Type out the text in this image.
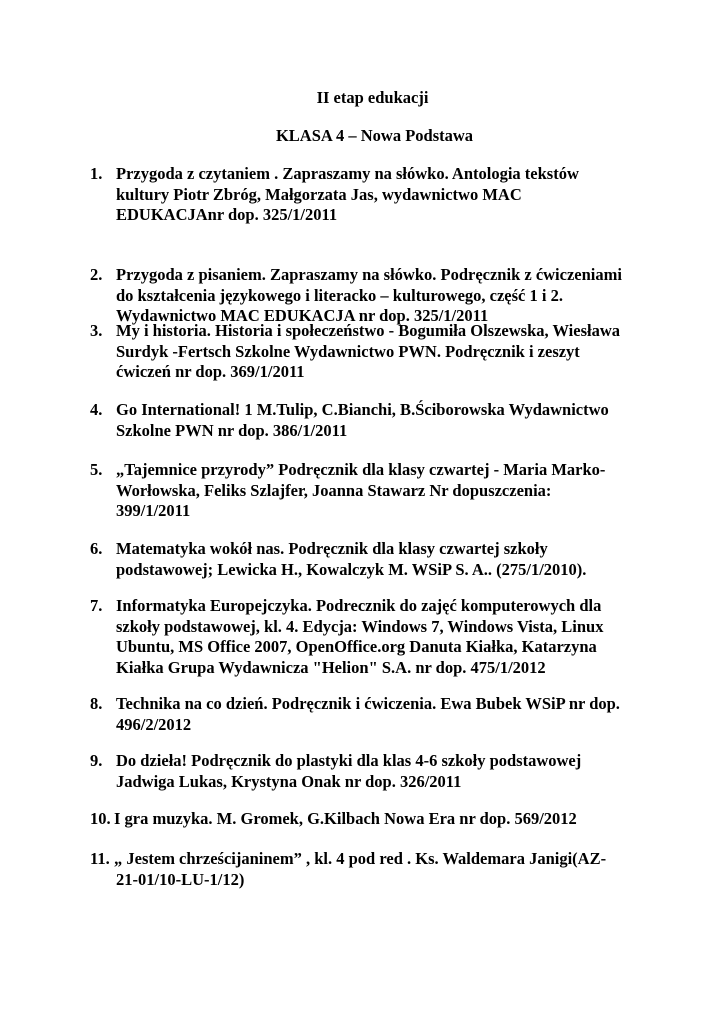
II etap edukacji

KLASA 4 – Nowa Podstawa

1. Przygoda z czytaniem . Zapraszamy na słówko. Antologia tekstów
kultury Piotr Zbróg, Małgorzata Jas, wydawnictwo MAC
EDUKACJAnr dop. 325/1/2011
2. Przygoda z pisaniem. Zapraszamy na słówko. Podręcznik z ćwiczeniami
do kształcenia językowego i literacko – kulturowego, część 1 i 2.
Wydawnictwo MAC EDUKACJA nr dop. 325/1/2011
3. My i historia. Historia i społeczeństwo - Bogumiła Olszewska, Wiesława
Surdyk -Fertsch Szkolne Wydawnictwo PWN. Podręcznik i zeszyt
ćwiczeń nr dop. 369/1/2011
4. Go International! 1 M.Tulip, C.Bianchi, B.Ściborowska Wydawnictwo
Szkolne PWN nr dop. 386/1/2011
5. „Tajemnice przyrody” Podręcznik dla klasy czwartej - Maria Marko-
Worłowska, Feliks Szlajfer, Joanna Stawarz Nr dopuszczenia:
399/1/2011
6. Matematyka wokół nas. Podręcznik dla klasy czwartej szkoły
podstawowej; Lewicka H., Kowalczyk M. WSiP S. A.. (275/1/2010).
7. Informatyka Europejczyka. Podrecznik do zajęć komputerowych dla
szkoły podstawowej, kl. 4. Edycja: Windows 7, Windows Vista, Linux
Ubuntu, MS Office 2007, OpenOffice.org Danuta Kiałka, Katarzyna
Kiałka Grupa Wydawnicza "Helion" S.A. nr dop. 475/1/2012
8. Technika na co dzień. Podręcznik i ćwiczenia. Ewa Bubek WSiP nr dop.
496/2/2012
9. Do dzieła! Podręcznik do plastyki dla klas 4-6 szkoły podstawowej
Jadwiga Lukas, Krystyna Onak nr dop. 326/2011
10. I gra muzyka. M. Gromek, G.Kilbach Nowa Era nr dop. 569/2012
11. „ Jestem chrześcijaninem” , kl. 4 pod red . Ks. Waldemara Janigi(AZ-
21-01/10-LU-1/12)
